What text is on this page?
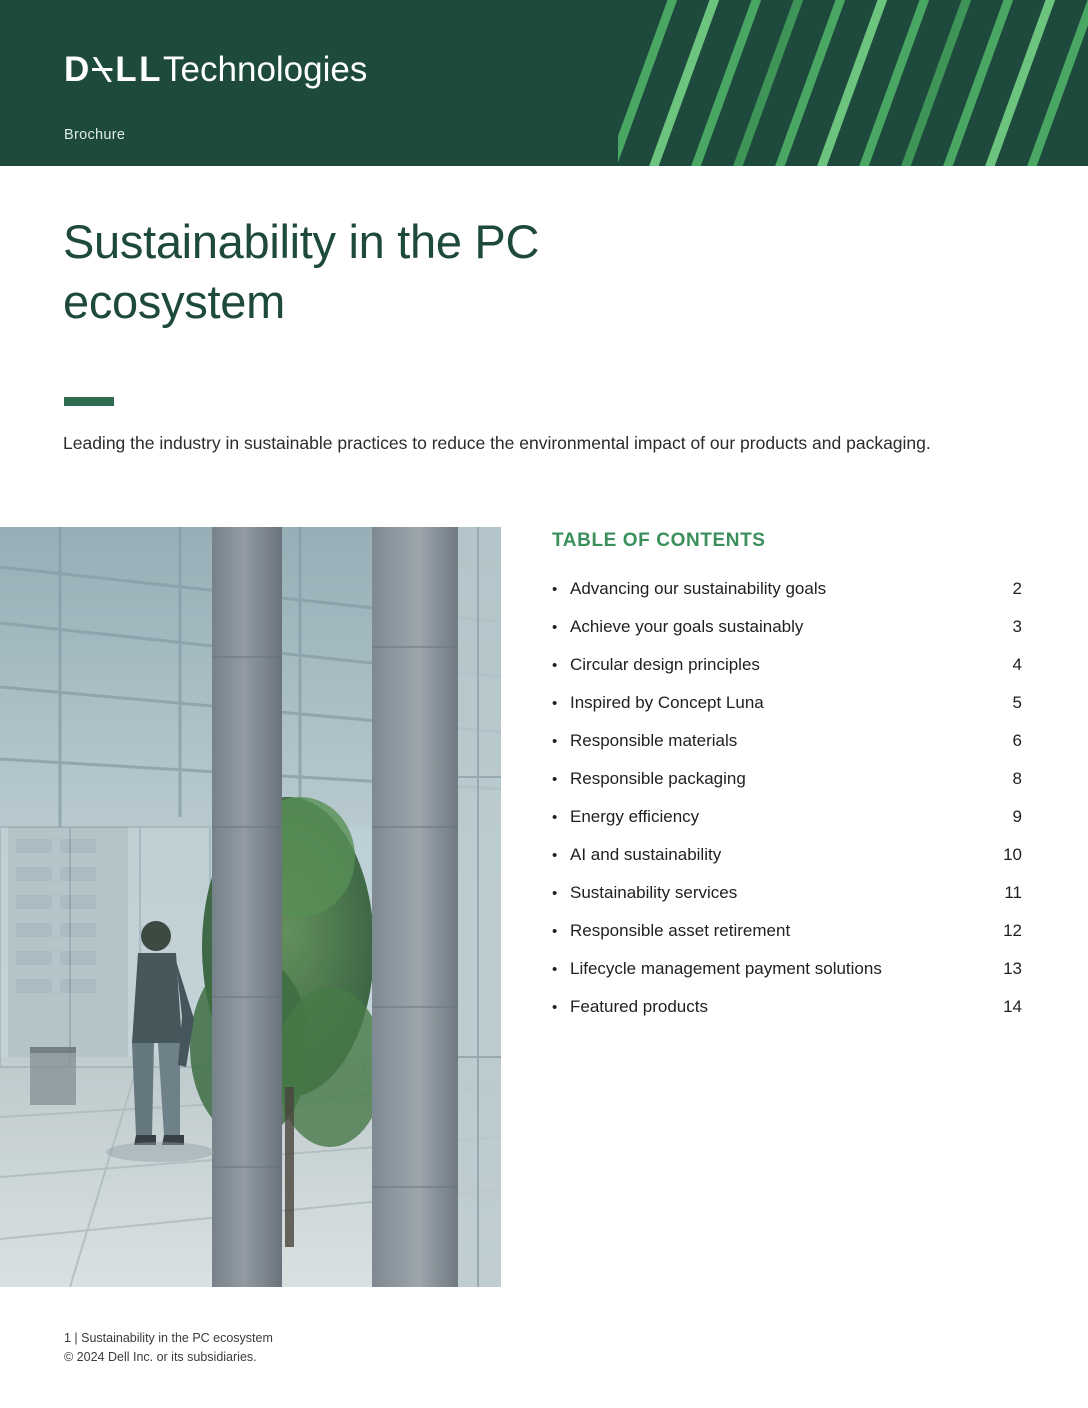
D⍀LLTechnologies
Brochure
Sustainability in the PC ecosystem
Leading the industry in sustainable practices to reduce the environmental impact of our products and packaging.
TABLE OF CONTENTS
• Advancing our sustainability goals	2
• Achieve your goals sustainably	3
• Circular design principles	4
• Inspired by Concept Luna	5
• Responsible materials	6
• Responsible packaging	8
• Energy efficiency	9
• AI and sustainability	10
• Sustainability services	11
• Responsible asset retirement	12
• Lifecycle management payment solutions	13
• Featured products	14
1 | Sustainability in the PC ecosystem
© 2024 Dell Inc. or its subsidiaries.
